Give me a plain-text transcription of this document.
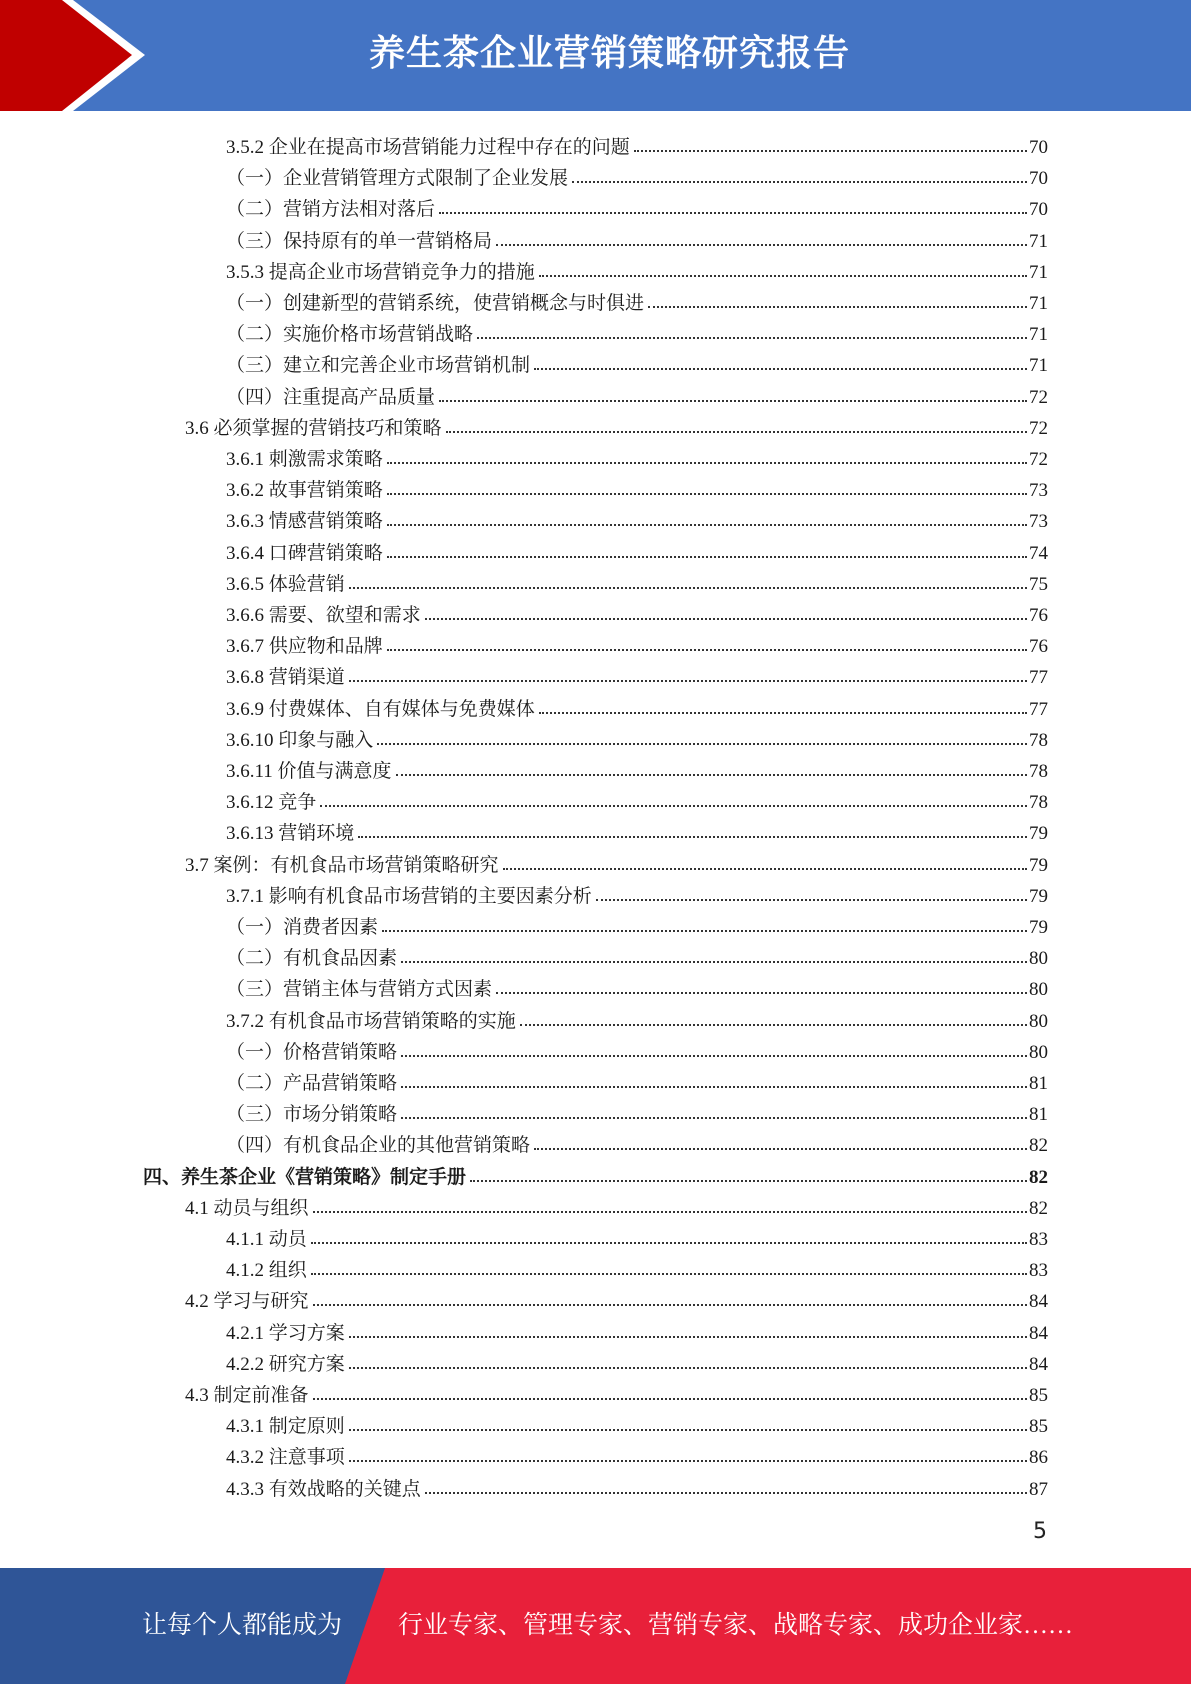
养生茶企业营销策略研究报告
3.5.2 企业在提高市场营销能力过程中存在的问题	70
（一）企业营销管理方式限制了企业发展	70
（二）营销方法相对落后	70
（三）保持原有的单一营销格局	71
3.5.3 提高企业市场营销竞争力的措施	71
（一）创建新型的营销系统，使营销概念与时俱进	71
（二）实施价格市场营销战略	71
（三）建立和完善企业市场营销机制	71
（四）注重提高产品质量	72
3.6 必须掌握的营销技巧和策略	72
3.6.1 刺激需求策略	72
3.6.2 故事营销策略	73
3.6.3 情感营销策略	73
3.6.4 口碑营销策略	74
3.6.5 体验营销	75
3.6.6 需要、欲望和需求	76
3.6.7 供应物和品牌	76
3.6.8 营销渠道	77
3.6.9 付费媒体、自有媒体与免费媒体	77
3.6.10 印象与融入	78
3.6.11 价值与满意度	78
3.6.12 竞争	78
3.6.13 营销环境	79
3.7 案例：有机食品市场营销策略研究	79
3.7.1 影响有机食品市场营销的主要因素分析	79
（一）消费者因素	79
（二）有机食品因素	80
（三）营销主体与营销方式因素	80
3.7.2 有机食品市场营销策略的实施	80
（一）价格营销策略	80
（二）产品营销策略	81
（三）市场分销策略	81
（四）有机食品企业的其他营销策略	82
四、养生茶企业《营销策略》制定手册	82
4.1 动员与组织	82
4.1.1 动员	83
4.1.2 组织	83
4.2 学习与研究	84
4.2.1 学习方案	84
4.2.2 研究方案	84
4.3 制定前准备	85
4.3.1 制定原则	85
4.3.2 注意事项	86
4.3.3 有效战略的关键点	87
5
让每个人都能成为 行业专家、管理专家、营销专家、战略专家、成功企业家……
